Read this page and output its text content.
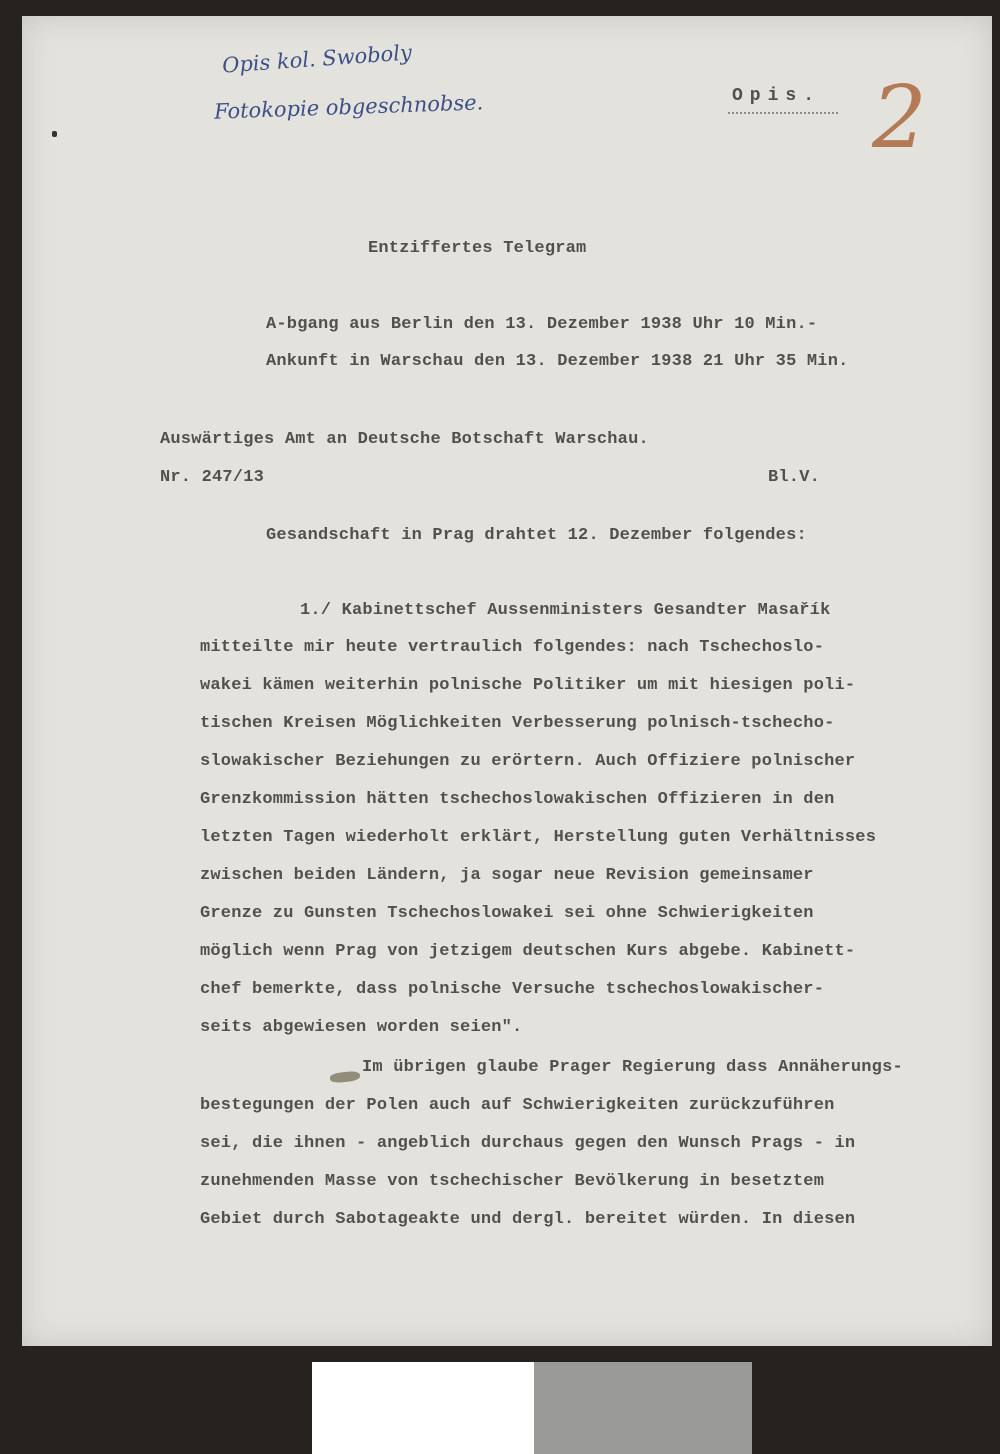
Opis kol. Swoboly
Fotokopie obgeschnobse.	2
Opis.
Entziffertes Telegram
A-bgang aus Berlin den 13. Dezember 1938 Uhr 10 Min.-
Ankunft in Warschau den 13. Dezember 1938 21 Uhr 35 Min.
Auswärtiges Amt an Deutsche Botschaft Warschau.
Nr. 247/13	Bl.V.
Gesandschaft in Prag drahtet 12. Dezember folgendes:
1./ Kabinettschef Aussenministers Gesandter Masařík
mitteilte mir heute vertraulich folgendes: nach Tschechoslo-
wakei kämen weiterhin polnische Politiker um mit hiesigen poli-
tischen Kreisen Möglichkeiten Verbesserung polnisch-tschecho-
slowakischer Beziehungen zu erörtern. Auch Offiziere polnischer
Grenzkommission hätten tschechoslowakischen Offizieren in den
letzten Tagen wiederholt erklärt, Herstellung guten Verhältnisses
zwischen beiden Ländern, ja sogar neue Revision gemeinsamer
Grenze zu Gunsten Tschechoslowakei sei ohne Schwierigkeiten
möglich wenn Prag von jetzigem deutschen Kurs abgebe. Kabinett-
chef bemerkte, dass polnische Versuche tschechoslowakischer-
seits abgewiesen worden seien".
Im übrigen glaube Prager Regierung dass Annäherungs-
bestegungen der Polen auch auf Schwierigkeiten zurückzuführen
sei, die ihnen - angeblich durchaus gegen den Wunsch Prags - in
zunehmenden Masse von tschechischer Bevölkerung in besetztem
Gebiet durch Sabotageakte und dergl. bereitet würden. In diesen
